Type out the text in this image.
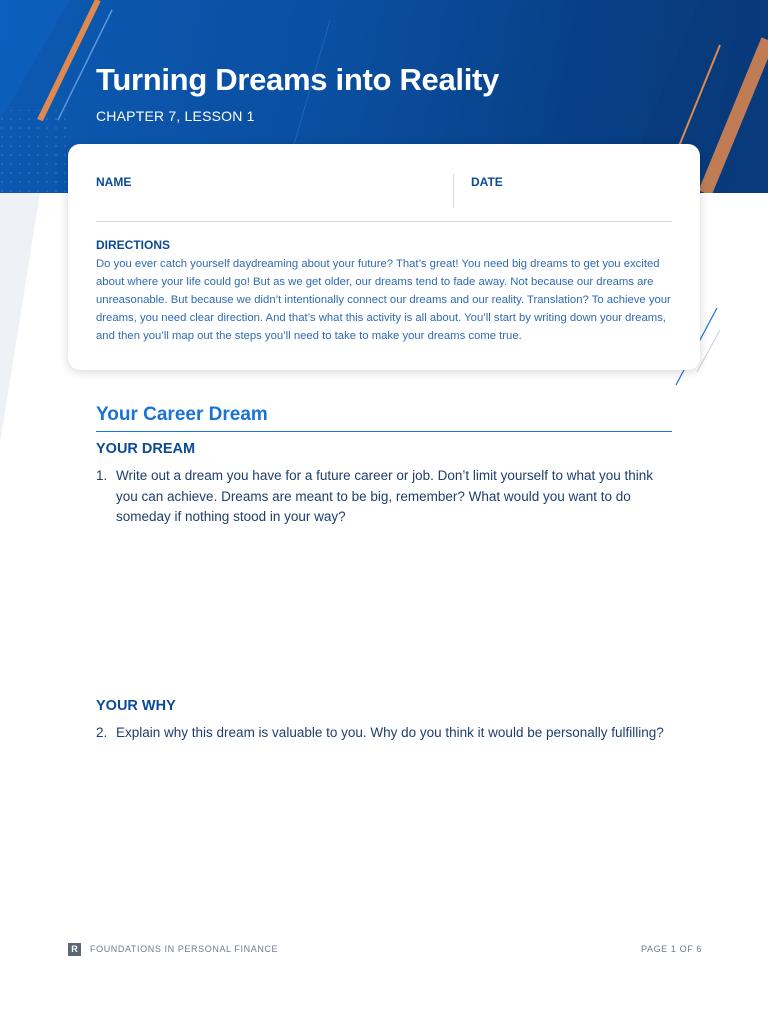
Turning Dreams into Reality
CHAPTER 7, LESSON 1
NAME	DATE
DIRECTIONS

Do you ever catch yourself daydreaming about your future? That’s great! You need big dreams to get you excited about where your life could go! But as we get older, our dreams tend to fade away. Not because our dreams are unreasonable. But because we didn’t intentionally connect our dreams and our reality. Translation? To achieve your dreams, you need clear direction. And that’s what this activity is all about. You’ll start by writing down your dreams, and then you’ll map out the steps you’ll need to take to make your dreams come true.

Your Career Dream
YOUR DREAM
1. Write out a dream you have for a future career or job. Don’t limit yourself to what you think you can achieve. Dreams are meant to be big, remember? What would you want to do someday if nothing stood in your way?
YOUR WHY
2. Explain why this dream is valuable to you. Why do you think it would be personally fulfilling?
R	FOUNDATIONS IN PERSONAL FINANCE	PAGE 1 OF 6
